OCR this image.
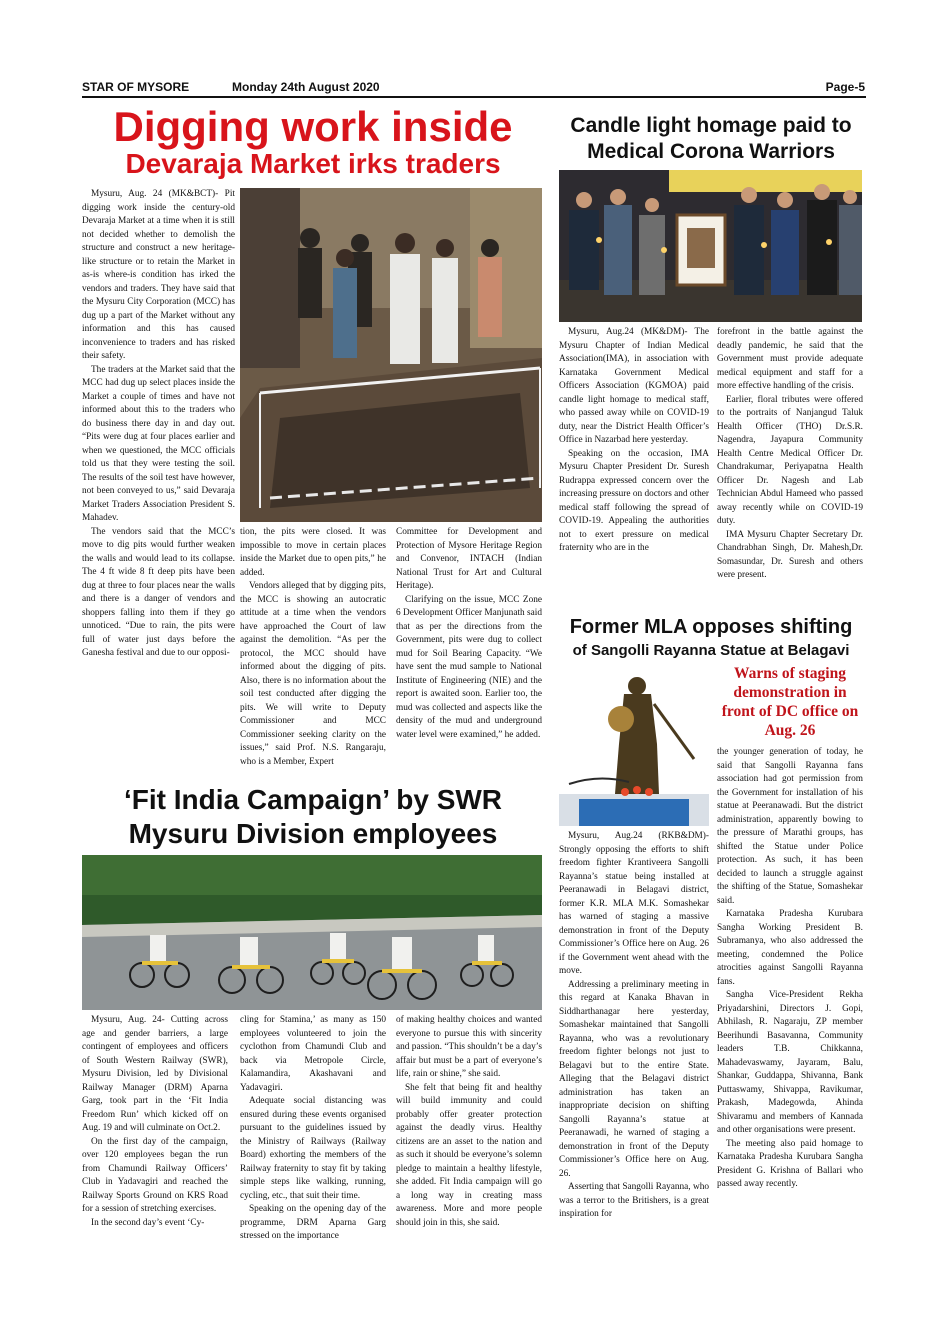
STAR OF MYSORE	Monday 24th August 2020	Page-5
Digging work inside
Devaraja Market irks traders

Mysuru, Aug. 24 (MK&BCT)- Pit digging work inside the century-old Devaraja Market at a time when it is still not decided whether to demolish the structure and construct a new heritage-like structure or to retain the Market in as-is where-is condition has irked the vendors and traders. They have said that the Mysuru City Corporation (MCC) has dug up a part of the Market without any information and this has caused inconvenience to traders and has risked their safety.

The traders at the Market said that the MCC had dug up select places inside the Market a couple of times and have not informed about this to the traders who do business there day in and day out. “Pits were dug at four places earlier and when we questioned, the MCC officials told us that they were testing the soil. The results of the soil test have however, not been conveyed to us,” said Devaraja Market Traders Association President S. Mahadev.

The vendors said that the MCC’s move to dig pits would further weaken the walls and would lead to its collapse. The 4 ft wide 8 ft deep pits have been dug at three to four places near the walls and there is a danger of vendors and shoppers falling into them if they go unnoticed. “Due to rain, the pits were full of water just days before the Ganesha festival and due to our opposi-

tion, the pits were closed. It was impossible to move in certain places inside the Market due to open pits,” he added.

Vendors alleged that by digging pits, the MCC is showing an autocratic attitude at a time when the vendors have approached the Court of law against the demolition. “As per the protocol, the MCC should have informed about the digging of pits. Also, there is no information about the soil test conducted after digging the pits. We will write to Deputy Commissioner and MCC Commissioner seeking clarity on the issues,” said Prof. N.S. Rangaraju, who is a Member, Expert

Committee for Development and Protection of Mysore Heritage Region and Convenor, INTACH (Indian National Trust for Art and Cultural Heritage).

Clarifying on the issue, MCC Zone 6 Development Officer Manjunath said that as per the directions from the Government, pits were dug to collect mud for Soil Bearing Capacity. “We have sent the mud sample to National Institute of Engineering (NIE) and the report is awaited soon. Earlier too, the mud was collected and aspects like the density of the mud and underground water level were examined,” he added.

Candle light homage paid to
Medical Corona Warriors

Mysuru, Aug.24 (MK&DM)- The Mysuru Chapter of Indian Medical Association(IMA), in association with Karnataka Government Medical Officers Association (KGMOA) paid candle light homage to medical staff, who passed away while on COVID-19 duty, near the District Health Officer’s Office in Nazarbad here yesterday.

Speaking on the occasion, IMA Mysuru Chapter President Dr. Suresh Rudrappa expressed concern over the increasing pressure on doctors and other medical staff following the spread of COVID-19. Appealing the authorities not to exert pressure on medical fraternity who are in the

forefront in the battle against the deadly pandemic, he said that the Government must provide adequate medical equipment and staff for a more effective handling of the crisis.

Earlier, floral tributes were offered to the portraits of Nanjangud Taluk Health Officer (THO) Dr.S.R. Nagendra, Jayapura Community Health Centre Medical Officer Dr. Chandrakumar, Periyapatna Health Officer Dr. Nagesh and Lab Technician Abdul Hameed who passed away recently while on COVID-19 duty.

IMA Mysuru Chapter Secretary Dr. Chandrabhan Singh, Dr. Mahesh,Dr. Somasundar, Dr. Suresh and others were present.

Former MLA opposes shifting
of Sangolli Rayanna Statue at Belagavi
Warns of staging demonstration in front of DC office on Aug. 26

Mysuru, Aug.24 (RKB&DM)- Strongly opposing the efforts to shift freedom fighter Krantiveera Sangolli Rayanna’s statue being installed at Peeranawadi in Belagavi district, former K.R. MLA M.K. Somashekar has warned of staging a massive demonstration in front of the Deputy Commissioner’s Office here on Aug. 26 if the Government went ahead with the move.

Addressing a preliminary meeting in this regard at Kanaka Bhavan in Siddharthanagar here yesterday, Somashekar maintained that Sangolli Rayanna, who was a revolutionary freedom fighter belongs not just to Belagavi but to the entire State. Alleging that the Belagavi district administration has taken an inappropriate decision on shifting Sangolli Rayanna’s statue at Peeranawadi, he warned of staging a demonstration in front of the Deputy Commissioner’s Office here on Aug. 26.

Asserting that Sangolli Rayanna, who was a terror to the Britishers, is a great inspiration for

the younger generation of today, he said that Sangolli Rayanna fans association had got permission from the Government for installation of his statue at Peeranawadi. But the district administration, apparently bowing to the pressure of Marathi groups, has shifted the Statue under Police protection. As such, it has been decided to launch a struggle against the shifting of the Statue, Somashekar said.

Karnataka Pradesha Kurubara Sangha Working President B. Subramanya, who also addressed the meeting, condemned the Police atrocities against Sangolli Rayanna fans.

Sangha Vice-President Rekha Priyadarshini, Directors J. Gopi, Abhilash, R. Nagaraju, ZP member Beerihundi Basavanna, Community leaders T.B. Chikkanna, Mahadevaswamy, Jayaram, Balu, Shankar, Guddappa, Shivanna, Bank Puttaswamy, Shivappa, Ravikumar, Prakash, Madegowda, Ahinda Shivaramu and members of Kannada and other organisations were present.

The meeting also paid homage to Karnataka Pradesha Kurubara Sangha President G. Krishna of Ballari who passed away recently.

‘Fit India Campaign’ by SWR
Mysuru Division employees

Mysuru, Aug. 24- Cutting across age and gender barriers, a large contingent of employees and officers of South Western Railway (SWR), Mysuru Division, led by Divisional Railway Manager (DRM) Aparna Garg, took part in the ‘Fit India Freedom Run’ which kicked off on Aug. 19 and will culminate on Oct.2.

On the first day of the campaign, over 120 employees began the run from Chamundi Railway Officers’ Club in Yadavagiri and reached the Railway Sports Ground on KRS Road for a session of stretching exercises.

In the second day’s event ‘Cy-

cling for Stamina,’ as many as 150 employees volunteered to join the cyclothon from Chamundi Club and back via Metropole Circle, Kalamandira, Akashavani and Yadavagiri.

Adequate social distancing was ensured during these events organised pursuant to the guidelines issued by the Ministry of Railways (Railway Board) exhorting the members of the Railway fraternity to stay fit by taking simple steps like walking, running, cycling, etc., that suit their time.

Speaking on the opening day of the programme, DRM Aparna Garg stressed on the importance

of making healthy choices and wanted everyone to pursue this with sincerity and passion. “This shouldn’t be a day’s affair but must be a part of everyone’s life, rain or shine,” she said.

She felt that being fit and healthy will build immunity and could probably offer greater protection against the deadly virus. Healthy citizens are an asset to the nation and as such it should be everyone’s solemn pledge to maintain a healthy lifestyle, she added. Fit India campaign will go a long way in creating mass awareness. More and more people should join in this, she said.
